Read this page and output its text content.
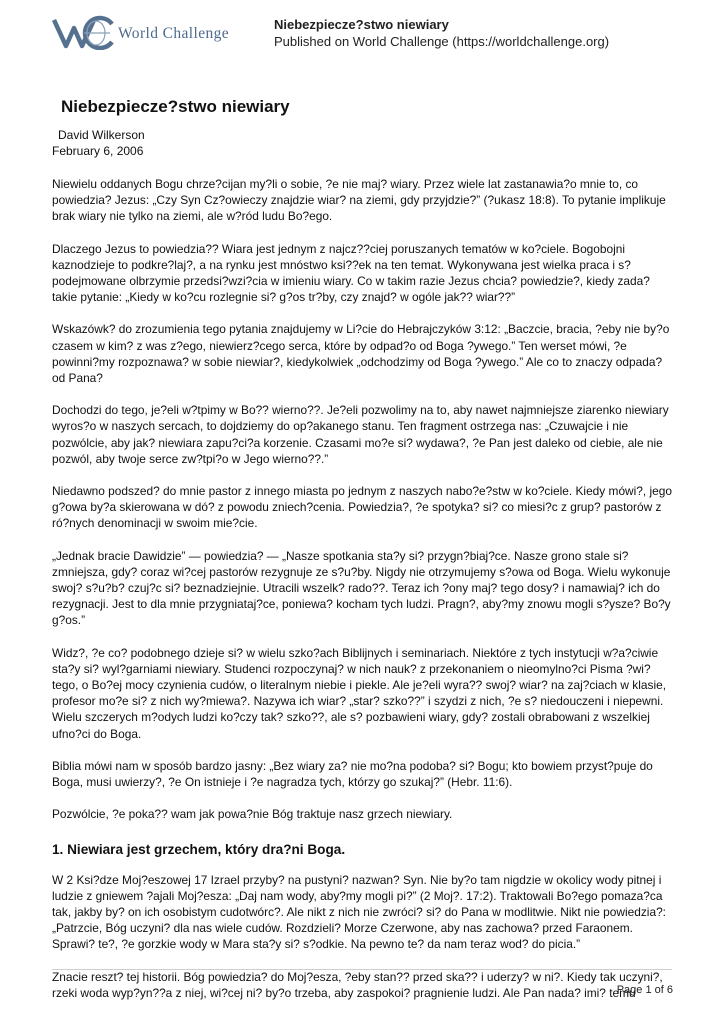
World Challenge
Niebezpiecze?stwo niewiary
Published on World Challenge (https://worldchallenge.org)
Niebezpiecze?stwo niewiary
David Wilkerson
February 6, 2006

Niewielu oddanych Bogu chrze?cijan my?li o sobie, ?e nie maj? wiary. Przez wiele lat zastanawia?o mnie to, co powiedzia? Jezus: „Czy Syn Cz?owieczy znajdzie wiar? na ziemi, gdy przyjdzie?” (?ukasz 18:8). To pytanie implikuje brak wiary nie tylko na ziemi, ale w?ród ludu Bo?ego.

Dlaczego Jezus to powiedzia?? Wiara jest jednym z najcz??ciej poruszanych tematów w ko?ciele. Bogobojni kaznodzieje to podkre?laj?, a na rynku jest mnóstwo ksi??ek na ten temat. Wykonywana jest wielka praca i s? podejmowane olbrzymie przedsi?wzi?cia w imieniu wiary. Co w takim razie Jezus chcia? powiedzie?, kiedy zada? takie pytanie: „Kiedy w ko?cu rozlegnie si? g?os tr?by, czy znajd? w ogóle jak?? wiar??”

Wskazówk? do zrozumienia tego pytania znajdujemy w Li?cie do Hebrajczyków 3:12: „Baczcie, bracia, ?eby nie by?o czasem w kim? z was z?ego, niewierz?cego serca, które by odpad?o od Boga ?ywego.” Ten werset mówi, ?e powinni?my rozpoznawa? w sobie niewiar?, kiedykolwiek „odchodzimy od Boga ?ywego.” Ale co to znaczy odpada? od Pana?

Dochodzi do tego, je?eli w?tpimy w Bo?? wierno??. Je?eli pozwolimy na to, aby nawet najmniejsze ziarenko niewiary wyros?o w naszych sercach, to dojdziemy do op?akanego stanu. Ten fragment ostrzega nas: „Czuwajcie i nie pozwólcie, aby jak? niewiara zapu?ci?a korzenie. Czasami mo?e si? wydawa?, ?e Pan jest daleko od ciebie, ale nie pozwól, aby twoje serce zw?tpi?o w Jego wierno??.”

Niedawno podszed? do mnie pastor z innego miasta po jednym z naszych nabo?e?stw w ko?ciele. Kiedy mówi?, jego g?owa by?a skierowana w dó? z powodu zniech?cenia. Powiedzia?, ?e spotyka? si? co miesi?c z grup? pastorów z ró?nych denominacji w swoim mie?cie.

„Jednak bracie Dawidzie” — powiedzia? — „Nasze spotkania sta?y si? przygn?biaj?ce. Nasze grono stale si? zmniejsza, gdy? coraz wi?cej pastorów rezygnuje ze s?u?by. Nigdy nie otrzymujemy s?owa od Boga. Wielu wykonuje swoj? s?u?b? czuj?c si? beznadziejnie. Utracili wszelk? rado??. Teraz ich ?ony maj? tego dosy? i namawiaj? ich do rezygnacji. Jest to dla mnie przygniataj?ce, poniewa? kocham tych ludzi. Pragn?, aby?my znowu mogli s?ysze? Bo?y g?os.”

Widz?, ?e co? podobnego dzieje si? w wielu szko?ach Biblijnych i seminariach. Niektóre z tych instytucji w?a?ciwie sta?y si? wyl?garniami niewiary. Studenci rozpoczynaj? w nich nauk? z przekonaniem o nieomylno?ci Pisma ?wi?tego, o Bo?ej mocy czynienia cudów, o literalnym niebie i piekle. Ale je?eli wyra?? swoj? wiar? na zaj?ciach w klasie, profesor mo?e si? z nich wy?miewa?. Nazywa ich wiar? „star? szko??” i szydzi z nich, ?e s? niedouczeni i niepewni. Wielu szczerych m?odych ludzi ko?czy tak? szko??, ale s? pozbawieni wiary, gdy? zostali obrabowani z wszelkiej ufno?ci do Boga.

Biblia mówi nam w sposób bardzo jasny: „Bez wiary za? nie mo?na podoba? si? Bogu; kto bowiem przyst?puje do Boga, musi uwierzy?, ?e On istnieje i ?e nagradza tych, którzy go szukaj?” (Hebr. 11:6).

Pozwólcie, ?e poka?? wam jak powa?nie Bóg traktuje nasz grzech niewiary.

1. Niewiara jest grzechem, który dra?ni Boga.

W 2 Ksi?dze Moj?eszowej 17 Izrael przyby? na pustyni? nazwan? Syn. Nie by?o tam nigdzie w okolicy wody pitnej i ludzie z gniewem ?ajali Moj?esza: „Daj nam wody, aby?my mogli pi?” (2 Moj?. 17:2). Traktowali Bo?ego pomaza?ca tak, jakby by? on ich osobistym cudotwórc?. Ale nikt z nich nie zwróci? si? do Pana w modlitwie. Nikt nie powiedzia?: „Patrzcie, Bóg uczyni? dla nas wiele cudów. Rozdzieli? Morze Czerwone, aby nas zachowa? przed Faraonem. Sprawi? te?, ?e gorzkie wody w Mara sta?y si? s?odkie. Na pewno te? da nam teraz wod? do picia.”

Znacie reszt? tej historii. Bóg powiedzia? do Moj?esza, ?eby stan?? przed ska?? i uderzy? w ni?. Kiedy tak uczyni?, rzeki woda wyp?yn??a z niej, wi?cej ni? by?o trzeba, aby zaspokoi? pragnienie ludzi. Ale Pan nada? imi? temu

Page 1 of 6
